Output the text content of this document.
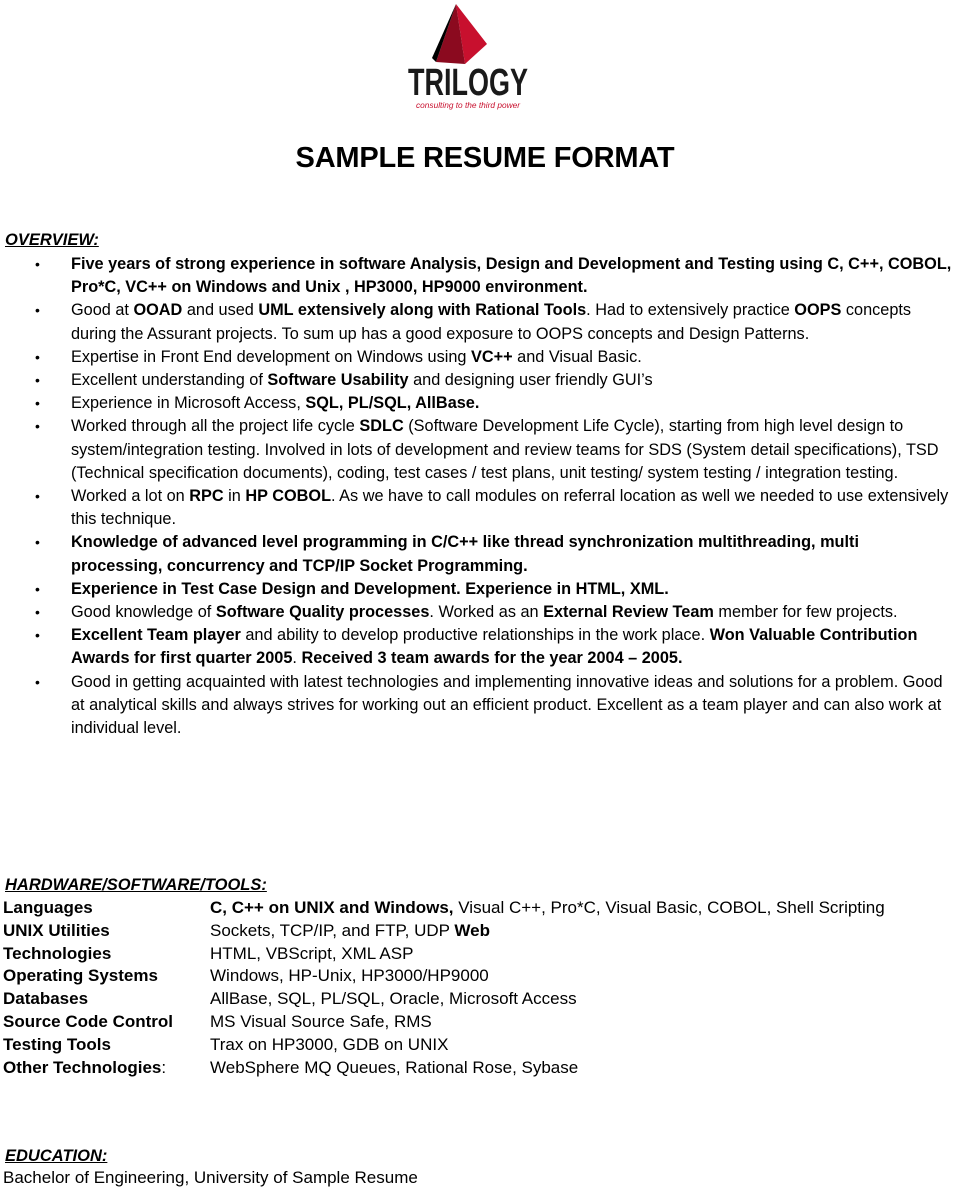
TRILOGY
consulting to the third power
SAMPLE RESUME FORMAT
OVERVIEW:
• Five years of strong experience in software Analysis, Design and Development and Testing using C, C++, COBOL, Pro*C, VC++ on Windows and Unix , HP3000, HP9000 environment.
• Good at OOAD and used UML extensively along with Rational Tools. Had to extensively practice OOPS concepts during the Assurant projects. To sum up has a good exposure to OOPS concepts and Design Patterns.
• Expertise in Front End development on Windows using VC++ and Visual Basic.
• Excellent understanding of Software Usability and designing user friendly GUI’s
• Experience in Microsoft Access, SQL, PL/SQL, AllBase.
• Worked through all the project life cycle SDLC (Software Development Life Cycle), starting from high level design to system/integration testing. Involved in lots of development and review teams for SDS (System detail specifications), TSD (Technical specification documents), coding, test cases / test plans, unit testing/ system testing / integration testing.
• Worked a lot on RPC in HP COBOL. As we have to call modules on referral location as well we needed to use extensively this technique.
• Knowledge of advanced level programming in C/C++ like thread synchronization multithreading, multi processing, concurrency and TCP/IP Socket Programming.
• Experience in Test Case Design and Development. Experience in HTML, XML.
• Good knowledge of Software Quality processes. Worked as an External Review Team member for few projects.
• Excellent Team player and ability to develop productive relationships in the work place. Won Valuable Contribution Awards for first quarter 2005. Received 3 team awards for the year 2004 – 2005.
• Good in getting acquainted with latest technologies and implementing innovative ideas and solutions for a problem. Good at analytical skills and always strives for working out an efficient product. Excellent as a team player and can also work at individual level.
HARDWARE/SOFTWARE/TOOLS:
Languages	C, C++ on UNIX and Windows, Visual C++, Pro*C, Visual Basic, COBOL, Shell Scripting
UNIX Utilities	Sockets, TCP/IP, and FTP, UDP Web
Technologies	HTML, VBScript, XML ASP
Operating Systems	Windows, HP-Unix, HP3000/HP9000
Databases	AllBase, SQL, PL/SQL, Oracle, Microsoft Access
Source Code Control	MS Visual Source Safe, RMS
Testing Tools	Trax on HP3000, GDB on UNIX
Other Technologies:	WebSphere MQ Queues, Rational Rose, Sybase
EDUCATION:
Bachelor of Engineering, University of Sample Resume
